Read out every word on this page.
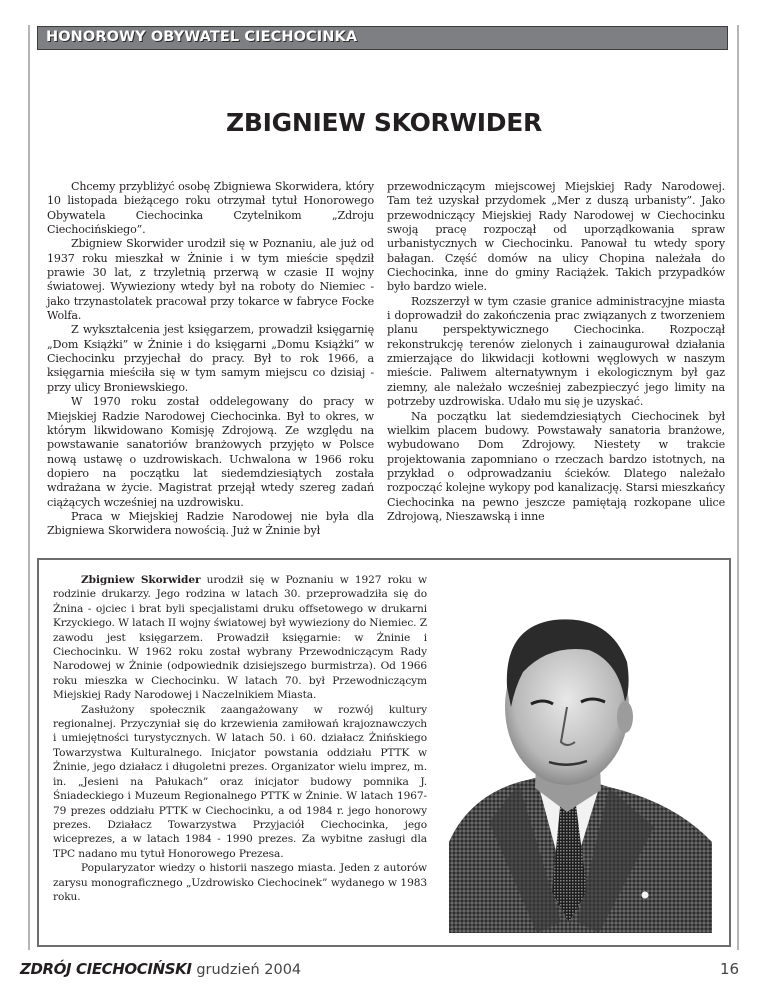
HONOROWY OBYWATEL CIECHOCINKA
ZBIGNIEW SKORWIDER

Chcemy przybliżyć osobę Zbigniewa Skorwidera, który 10 listopada bieżącego roku otrzymał tytuł Honorowego Obywatela Ciechocinka Czytelnikom „Zdroju Ciechocińskiego”.

Zbigniew Skorwider urodził się w Poznaniu, ale już od 1937 roku mieszkał w Żninie i w tym mieście spędził prawie 30 lat, z trzyletnią przerwą w czasie II wojny światowej. Wywieziony wtedy był na roboty do Niemiec - jako trzynastolatek pracował przy tokarce w fabryce Focke Wolfa.

Z wykształcenia jest księgarzem, prowadził księgarnię „Dom Książki” w Żninie i do księgarni „Domu Książki” w Ciechocinku przyjechał do pracy. Był to rok 1966, a księgarnia mieściła się w tym samym miejscu co dzisiaj - przy ulicy Broniewskiego.

W 1970 roku został oddelegowany do pracy w Miejskiej Radzie Narodowej Ciechocinka. Był to okres, w którym likwidowano Komisję Zdrojową. Ze względu na powstawanie sanatoriów branżowych przyjęto w Polsce nową ustawę o uzdrowiskach. Uchwalona w 1966 roku dopiero na początku lat siedemdziesiątych została wdrażana w życie. Magistrat przejął wtedy szereg zadań ciążących wcześniej na uzdrowisku.

Praca w Miejskiej Radzie Narodowej nie była dla Zbigniewa Skorwidera nowością. Już w Żninie był

przewodniczącym miejscowej Miejskiej Rady Narodowej. Tam też uzyskał przydomek „Mer z duszą urbanisty”. Jako przewodniczący Miejskiej Rady Narodowej w Ciechocinku swoją pracę rozpoczął od uporządkowania spraw urbanistycznych w Ciechocinku. Panował tu wtedy spory bałagan. Część domów na ulicy Chopina należała do Ciechocinka, inne do gminy Raciążek. Takich przypadków było bardzo wiele.

Rozszerzył w tym czasie granice administracyjne miasta i doprowadził do zakończenia prac związanych z tworzeniem planu perspektywicznego Ciechocinka. Rozpoczął rekonstrukcję terenów zielonych i zainaugurował działania zmierzające do likwidacji kotłowni węglowych w naszym mieście. Paliwem alternatywnym i ekologicznym był gaz ziemny, ale należało wcześniej zabezpieczyć jego limity na potrzeby uzdrowiska. Udało mu się je uzyskać.

Na początku lat siedemdziesiątych Ciechocinek był wielkim placem budowy. Powstawały sanatoria branżowe, wybudowano Dom Zdrojowy. Niestety w trakcie projektowania zapomniano o rzeczach bardzo istotnych, na przykład o odprowadzaniu ścieków. Dlatego należało rozpocząć kolejne wykopy pod kanalizację. Starsi mieszkańcy Ciechocinka na pewno jeszcze pamiętają rozkopane ulice Zdrojową, Nieszawską i inne

Zbigniew Skorwider urodził się w Poznaniu w 1927 roku w rodzinie drukarzy. Jego rodzina w latach 30. przeprowadziła się do Żnina - ojciec i brat byli specjalistami druku offsetowego w drukarni Krzyckiego. W latach II wojny światowej był wywieziony do Niemiec. Z zawodu jest księgarzem. Prowadził księgarnie: w Żninie i Ciechocinku. W 1962 roku został wybrany Przewodniczącym Rady Narodowej w Żninie (odpowiednik dzisiejszego burmistrza). Od 1966 roku mieszka w Ciechocinku. W latach 70. był Przewodniczącym Miejskiej Rady Narodowej i Naczelnikiem Miasta.

Zasłużony społecznik zaangażowany w rozwój kultury regionalnej. Przyczyniał się do krzewienia zamiłowań krajoznawczych i umiejętności turystycznych. W latach 50. i 60. działacz Żnińskiego Towarzystwa Kulturalnego. Inicjator powstania oddziału PTTK w Żninie, jego działacz i długoletni prezes. Organizator wielu imprez, m. in. „Jesieni na Pałukach” oraz inicjator budowy pomnika J. Śniadeckiego i Muzeum Regionalnego PTTK w Żninie. W latach 1967-79 prezes oddziału PTTK w Ciechocinku, a od 1984 r. jego honorowy prezes. Działacz Towarzystwa Przyjaciół Ciechocinka, jego wiceprezes, a w latach 1984 - 1990 prezes. Za wybitne zasługi dla TPC nadano mu tytuł Honorowego Prezesa.

Popularyzator wiedzy o historii naszego miasta. Jeden z autorów zarysu monograficznego „Uzdrowisko Ciechocinek” wydanego w 1983 roku.

ZDRÓJ CIECHOCIŃSKI grudzień 2004	16
